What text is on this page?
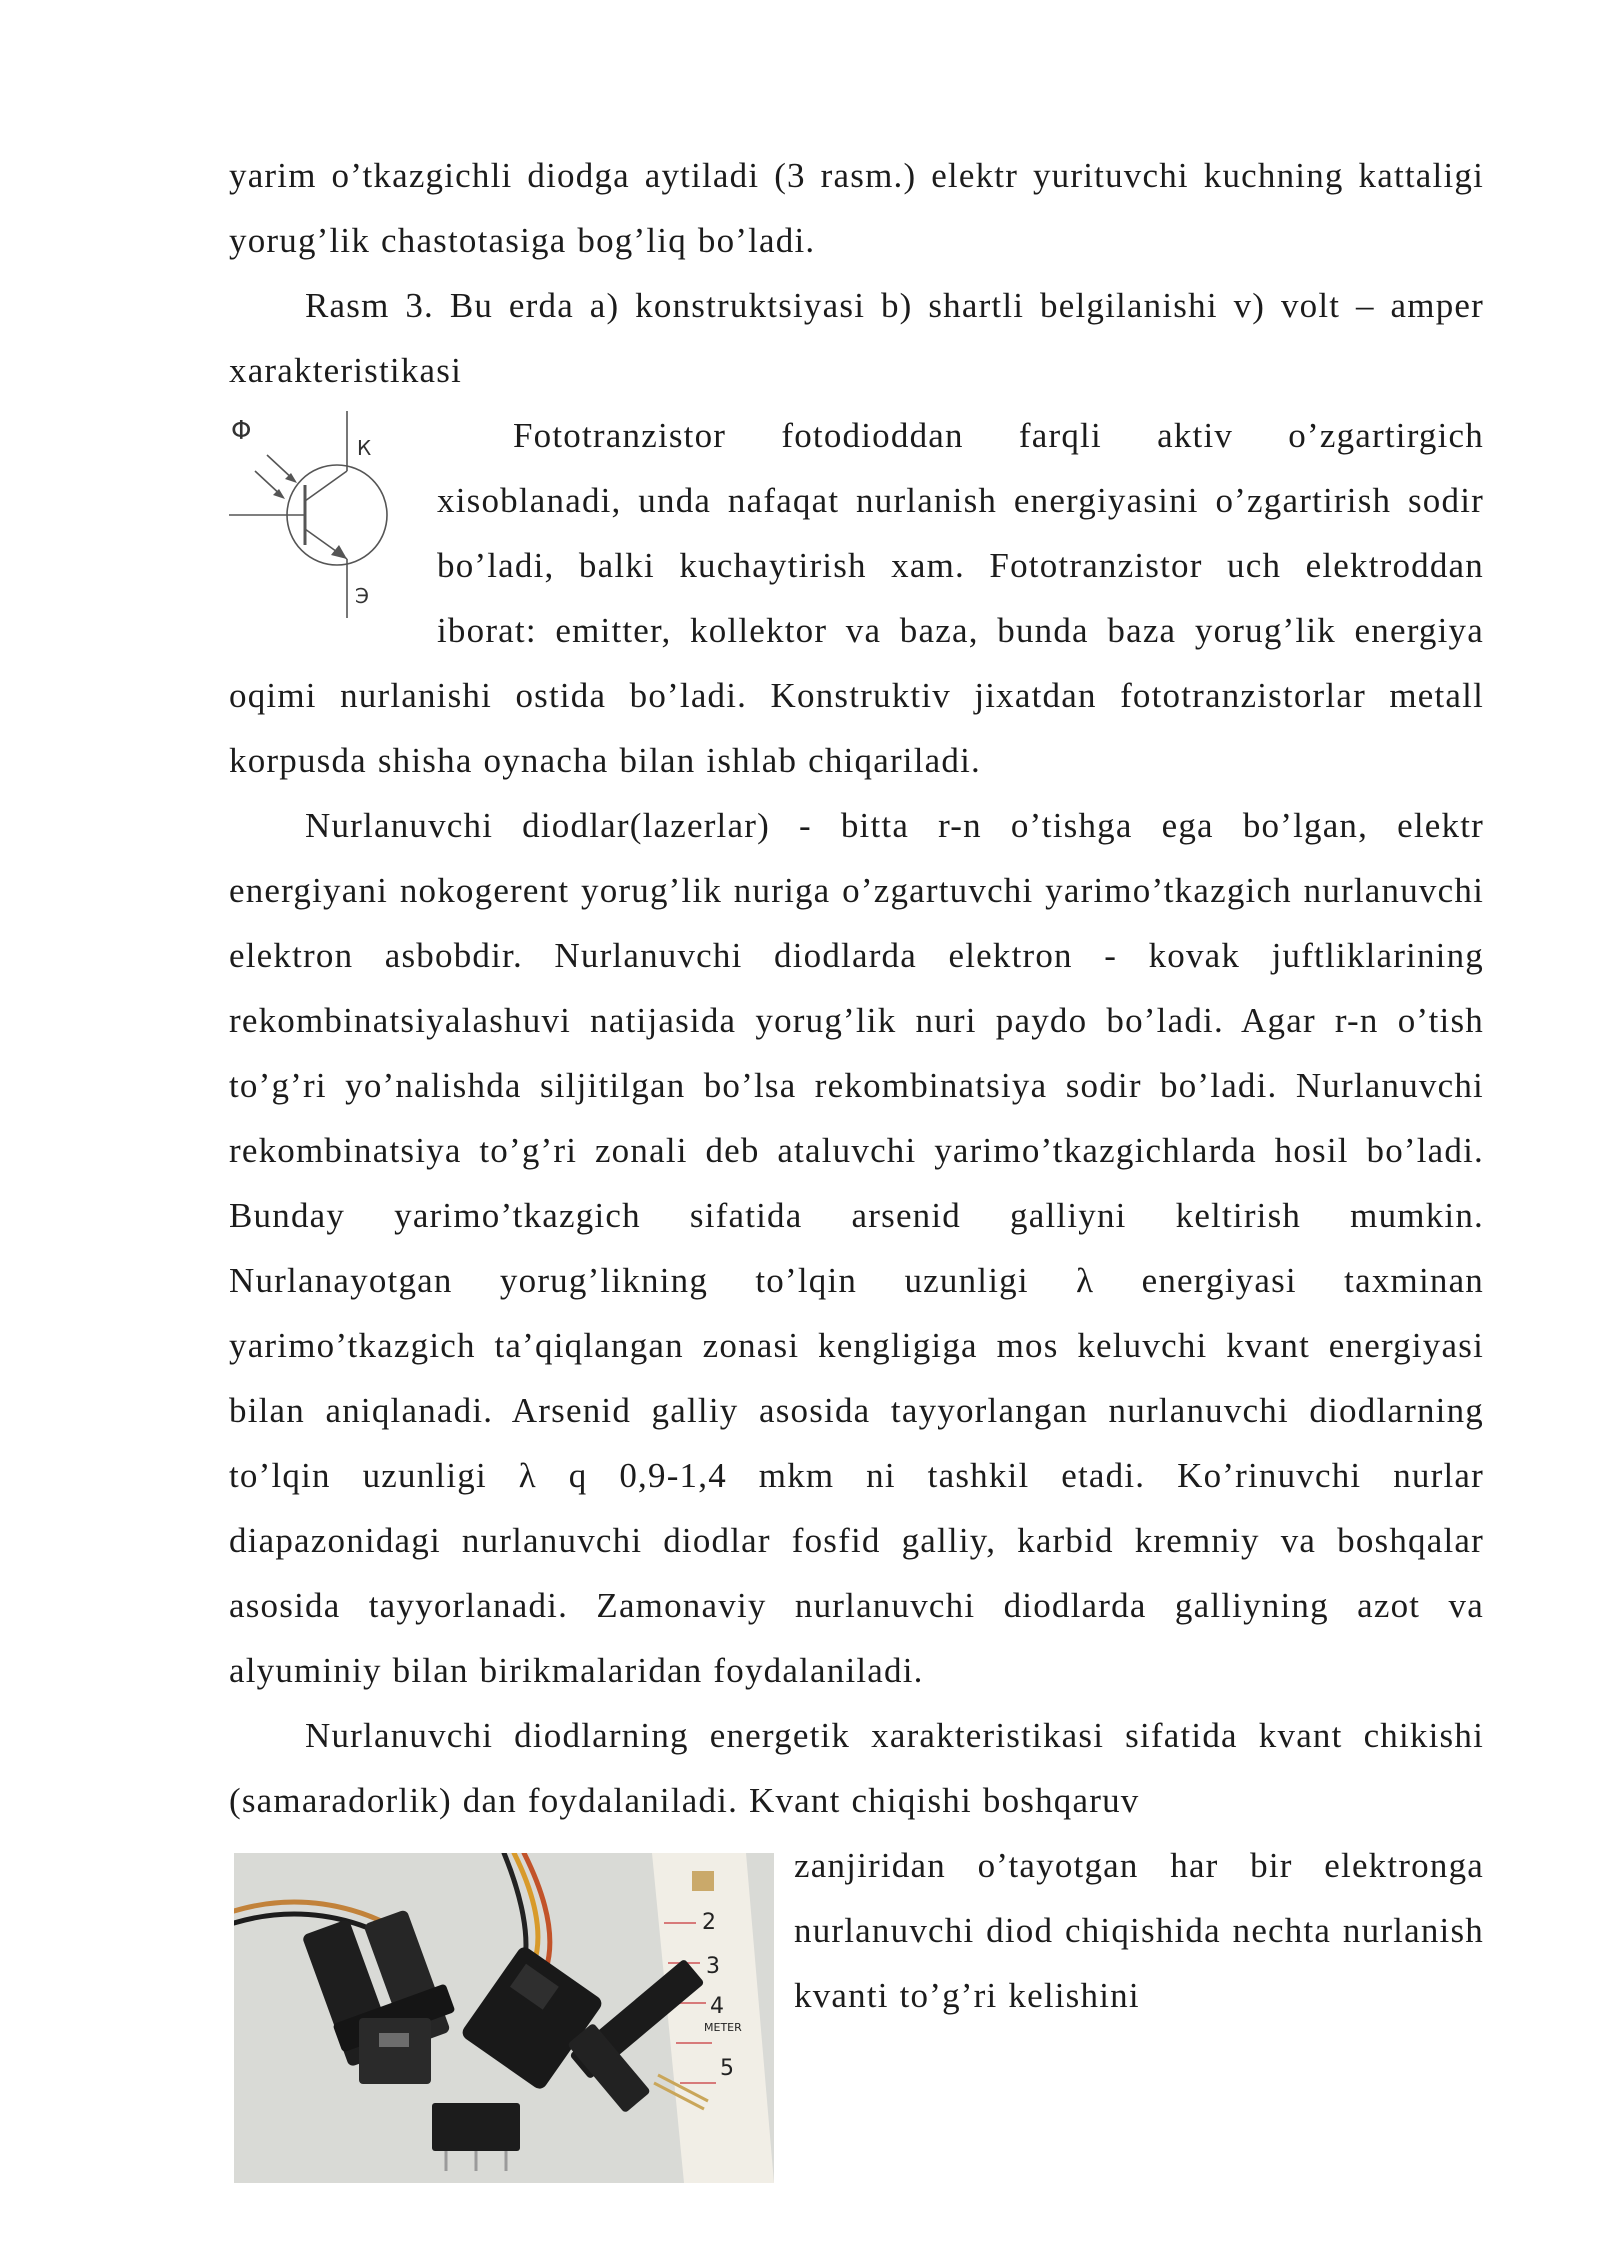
yarim o’tkazgichli diodga aytiladi (3 rasm.) elektr yurituvchi kuchning kattaligi yorug’lik chastotasiga bog’liq bo’ladi.

Rasm 3. Bu erda a) konstruktsiyasi b) shartli belgilanishi v) volt – amper xarakteristikasi

Φ
К
Э

Fototranzistor fotodioddan farqli aktiv o’zgartirgich xisoblanadi, unda nafaqat nurlanish energiyasini o’zgartirish sodir bo’ladi, balki kuchaytirish xam. Fototranzistor uch elektroddan iborat: emitter, kollektor va baza, bunda baza yorug’lik energiya oqimi nurlanishi ostida bo’ladi. Konstruktiv jixatdan fototranzistorlar metall korpusda shisha oynacha bilan ishlab chiqariladi.

Nurlanuvchi diodlar(lazerlar) - bitta r-n o’tishga ega bo’lgan, elektr energiyani nokogerent yorug’lik nuriga o’zgartuvchi yarimo’tkazgich nurlanuvchi elektron asbobdir. Nurlanuvchi diodlarda elektron - kovak juftliklarining rekombinatsiyalashuvi natijasida yorug’lik nuri paydo bo’ladi. Agar r-n o’tish to’g’ri yo’nalishda siljitilgan bo’lsa rekombinatsiya sodir bo’ladi. Nurlanuvchi rekombinatsiya to’g’ri zonali deb ataluvchi yarimo’tkazgichlarda hosil bo’ladi. Bunday yarimo’tkazgich sifatida arsenid galliyni keltirish mumkin. Nurlanayotgan yorug’likning to’lqin uzunligi λ energiyasi taxminan yarimo’tkazgich ta’qiqlangan zonasi kengligiga mos keluvchi kvant energiyasi bilan aniqlanadi. Arsenid galliy asosida tayyorlangan nurlanuvchi diodlarning to’lqin uzunligi λ q 0,9-1,4 mkm ni tashkil etadi. Ko’rinuvchi nurlar diapazonidagi nurlanuvchi diodlar fosfid galliy, karbid kremniy va boshqalar asosida tayyorlanadi. Zamonaviy nurlanuvchi diodlarda galliyning azot va alyuminiy bilan birikmalaridan foydalaniladi.

Nurlanuvchi diodlarning energetik xarakteristikasi sifatida kvant chikishi (samaradorlik) dan foydalaniladi. Kvant chiqishi boshqaruv

2
3
4
METER
5

zanjiridan o’tayotgan har bir elektronga nurlanuvchi diod chiqishida nechta nurlanish kvanti to’g’ri kelishini
